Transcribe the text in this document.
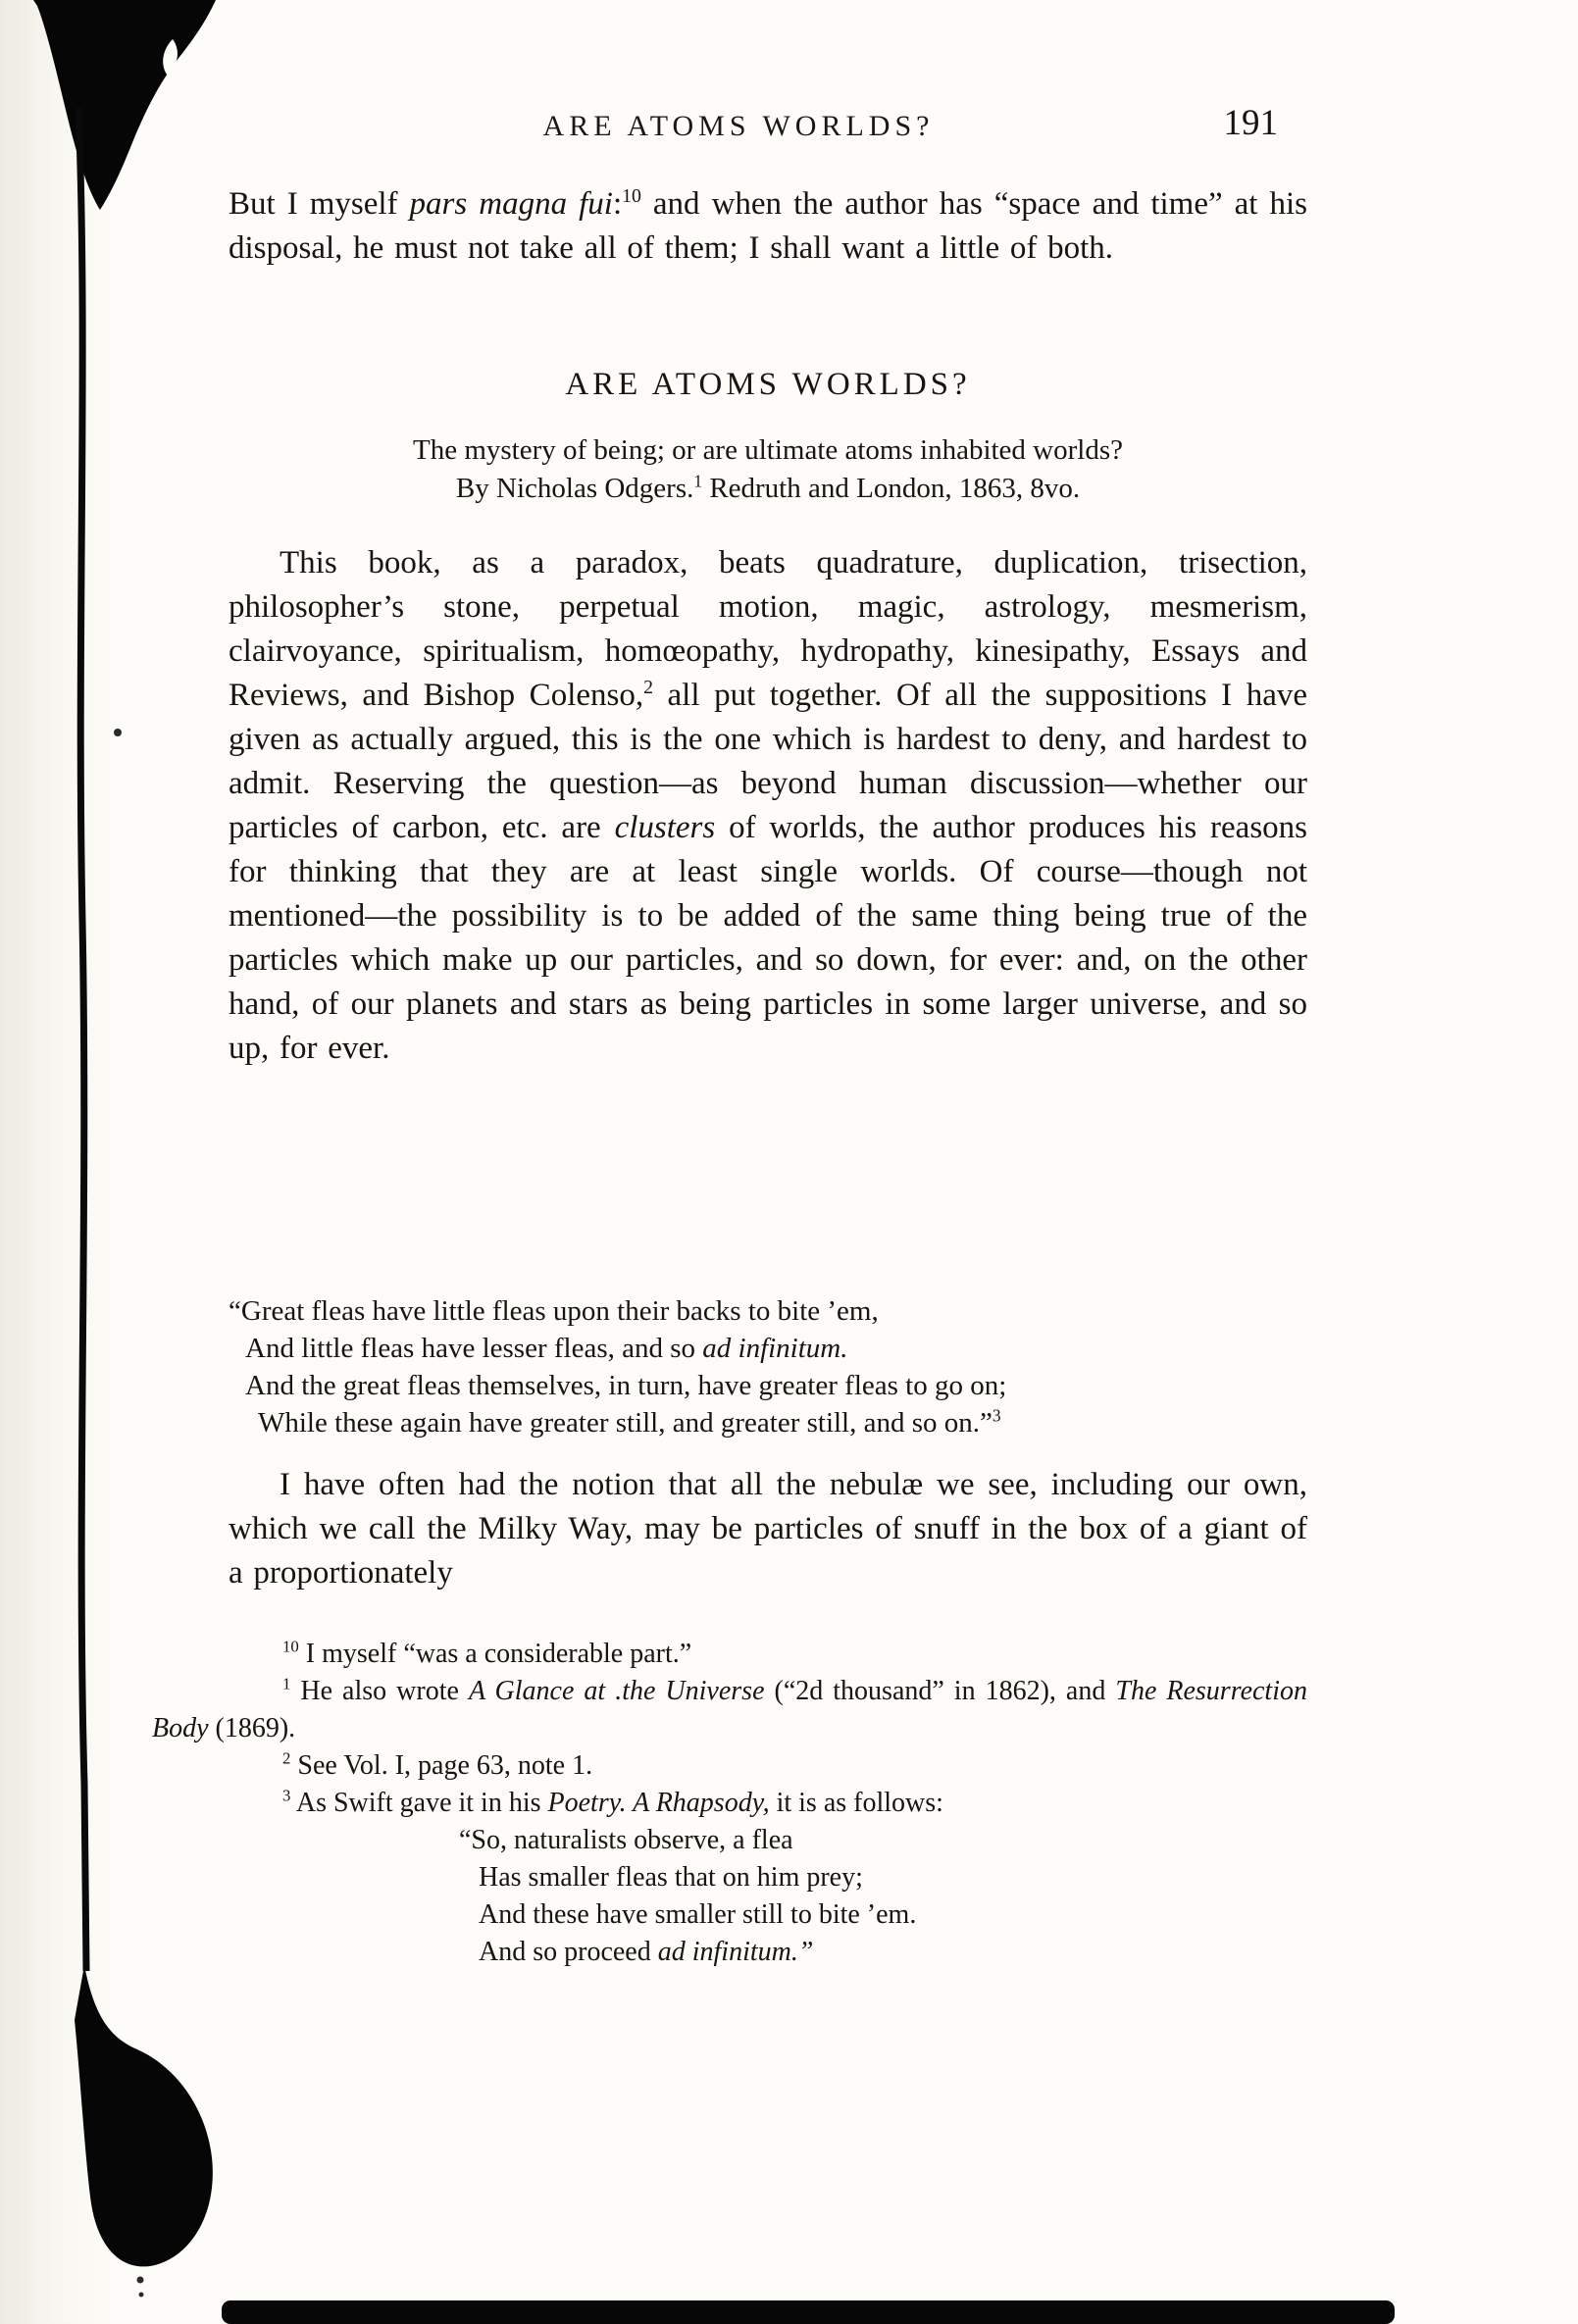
ARE ATOMS WORLDS?	191

But I myself pars magna fui:$^{10}$ and when the author has “space and time” at his disposal, he must not take all of them; I shall want a little of both.

ARE ATOMS WORLDS?
The mystery of being; or are ultimate atoms inhabited worlds?
By Nicholas Odgers.$^1$ Redruth and London, 1863, 8vo.

This book, as a paradox, beats quadrature, duplication, trisection, philosopher’s stone, perpetual motion, magic, astrology, mesmerism, clairvoyance, spiritualism, homœopathy, hydropathy, kinesipathy, Essays and Reviews, and Bishop Colenso,$^2$ all put together. Of all the suppositions I have given as actually argued, this is the one which is hardest to deny, and hardest to admit. Reserving the question—as beyond human discussion—whether our particles of carbon, etc. are clusters of worlds, the author produces his reasons for thinking that they are at least single worlds. Of course—though not mentioned—the possibility is to be added of the same thing being true of the particles which make up our particles, and so down, for ever: and, on the other hand, of our planets and stars as being particles in some larger universe, and so up, for ever.

“Great fleas have little fleas upon their backs to bite ’em,
And little fleas have lesser fleas, and so ad infinitum.
And the great fleas themselves, in turn, have greater fleas to go on;
While these again have greater still, and greater still, and so on.”$^3$

I have often had the notion that all the nebulæ we see, including our own, which we call the Milky Way, may be particles of snuff in the box of a giant of a proportionately

$^{10}$ I myself “was a considerable part.”

$^1$ He also wrote A Glance at .the Universe (“2d thousand” in 1862), and The Resurrection Body (1869).

$^2$ See Vol. I, page 63, note 1.

$^3$ As Swift gave it in his Poetry. A Rhapsody, it is as follows:

“So, naturalists observe, a flea
Has smaller fleas that on him prey;
And these have smaller still to bite ’em.
And so proceed ad infinitum.”
